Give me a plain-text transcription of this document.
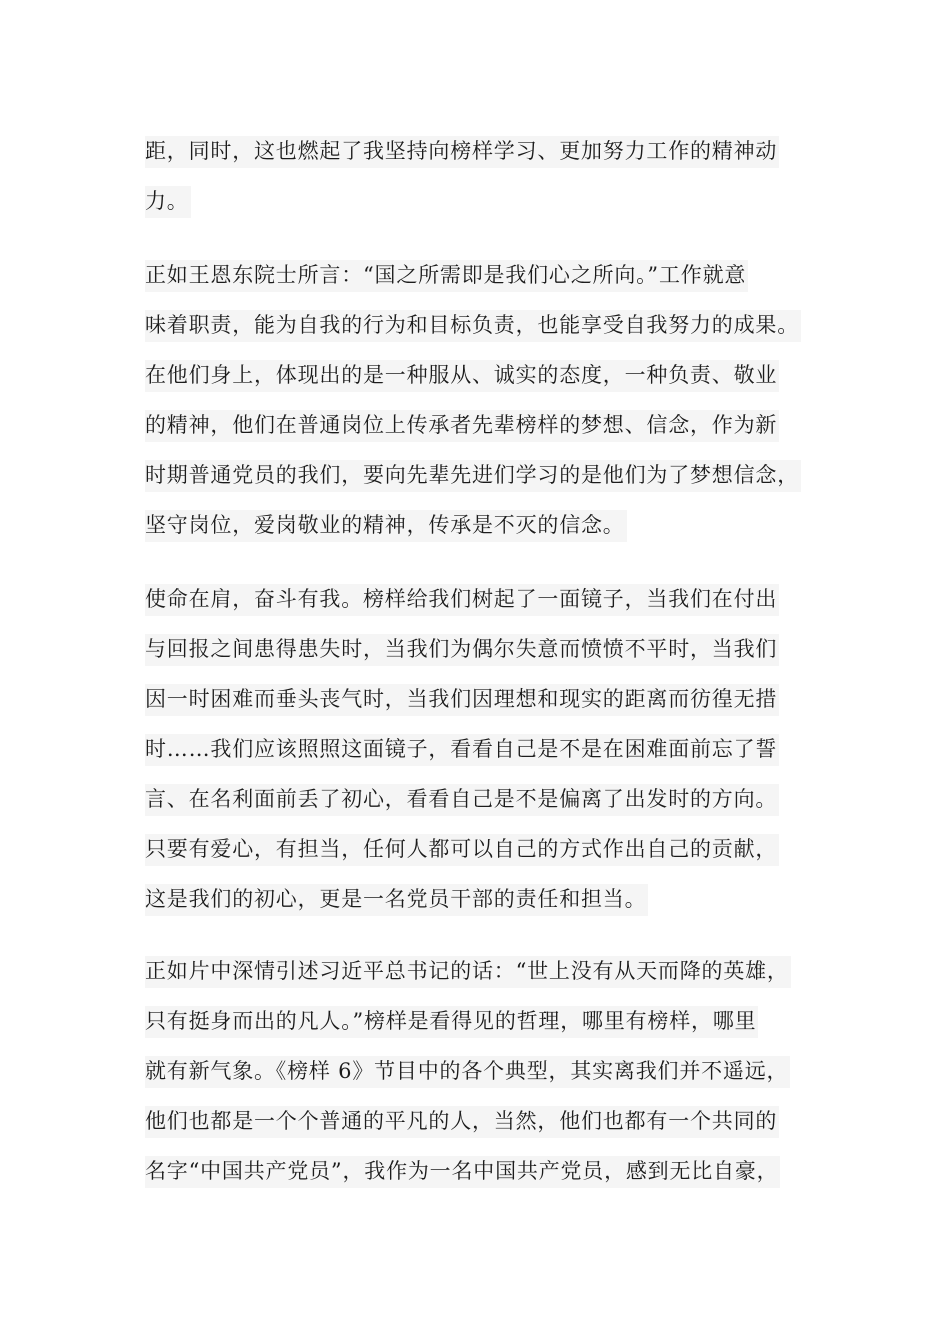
距，同时，这也燃起了我坚持向榜样学习、更加努力工作的精神动
力。
正如王恩东院士所言：“国之所需即是我们心之所向。”工作就意
味着职责，能为自我的行为和目标负责，也能享受自我努力的成果。
在他们身上，体现出的是一种服从、诚实的态度，一种负责、敬业
的精神，他们在普通岗位上传承者先辈榜样的梦想、信念，作为新
时期普通党员的我们，要向先辈先进们学习的是他们为了梦想信念，
坚守岗位，爱岗敬业的精神，传承是不灭的信念。
使命在肩，奋斗有我。榜样给我们树起了一面镜子，当我们在付出
与回报之间患得患失时，当我们为偶尔失意而愤愤不平时，当我们
因一时困难而垂头丧气时，当我们因理想和现实的距离而彷徨无措
时……我们应该照照这面镜子，看看自己是不是在困难面前忘了誓
言、在名利面前丢了初心，看看自己是不是偏离了出发时的方向。
只要有爱心，有担当，任何人都可以自己的方式作出自己的贡献，
这是我们的初心，更是一名党员干部的责任和担当。
正如片中深情引述习近平总书记的话：“世上没有从天而降的英雄，
只有挺身而出的凡人。”榜样是看得见的哲理，哪里有榜样，哪里
就有新气象。《榜样 6》节目中的各个典型，其实离我们并不遥远，
他们也都是一个个普通的平凡的人，当然，他们也都有一个共同的
名字“中国共产党员”，我作为一名中国共产党员，感到无比自豪，
